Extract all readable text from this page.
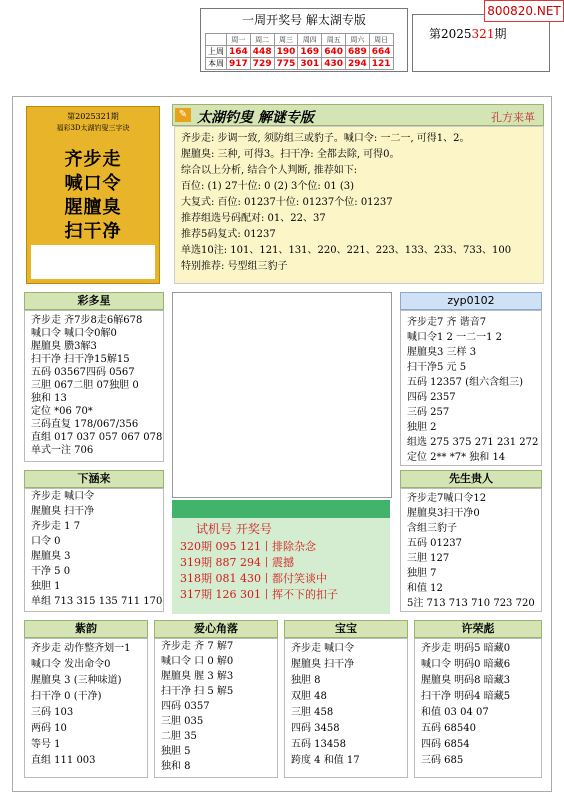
一周开奖号 解太湖专版
	周一	周二	周三	周四	周五	周六	周日
上周	164	448	190	169	640	689	664
本周	917	729	775	301	430	294	121
第2025321期
800820.NET
第2025321期
福彩3D太湖钓叟三字诀
齐步走
喊口令
腥膻臭
扫干净
✎ 太湖钓叟 解谜专版	孔方来革
齐步走: 步调一致, 须防组三或豹子。喊口令: 一二一, 可得1、2。
腥膻臭: 三种, 可得3。扫干净: 全都去除, 可得0。
综合以上分析, 结合个人判断, 推荐如下:
百位: (1) 27十位: 0 (2) 3个位: 01 (3)
大复式: 百位: 01237十位: 01237个位: 01237
推荐组选号码配对: 01、22、37
推荐5码复式: 01237
单选10注: 101、121、131、220、221、223、133、233、733、100
特别推荐: 号型组三豹子
彩多星
齐步走 齐7步8走6解678
喊口令 喊口令0解0
腥膻臭 臜3解3
扫干净 扫干净15解15
五码 03567四码 0567
三胆 067二胆 07独胆 0
独和 13
定位 *06 70*
三码直复 178/067/356
直组 017 037 057 067 078
单式一注 706
zyp0102
齐步走7 齐 谐音7
喊口令1 2 一二一1 2
腥膻臭3 三样 3
扫干净5 元 5
五码 12357 (组六含组三)
四码 2357
三码 257
独胆 2
组选 275 375 271 231 272
定位 2** *7* 独和 14
下涵来
齐步走 喊口令
腥膻臭 扫干净
齐步走 1 7
口令 0
腥膻臭 3
干净 5 0
独胆 1
单组 713 315 135 711 170
试机号 开奖号
320期 095 121丨排除杂念
319期 887 294丨震撼
318期 081 430丨都付笑谈中
317期 126 301丨挥不下的扣子
先生贵人
齐步走7喊口令12
腥膻臭3扫干净0
含组三豹子
五码 01237
三胆 127
独胆 7
和值 12
5注 713 713 710 723 720
紫韵
齐步走 动作整齐划一1
喊口令 发出命令0
腥膻臭 3 (三种味道)
扫干净 0 (干净)
三码 103
两码 10
等号 1
直组 111 003
爱心角落
齐步走 齐 7 解7
喊口令 口 0 解0
腥膻臭 腥 3 解3
扫干净 扫 5 解5
四码 0357
三胆 035
二胆 35
独胆 5
独和 8
宝宝
齐步走 喊口令
腥膻臭 扫干净
独胆 8
双胆 48
三胆 458
四码 3458
五码 13458
跨度 4 和值 17
许荣彪
齐步走 明码5 暗藏0
喊口令 明码0 暗藏6
腥膻臭 明码8 暗藏3
扫干净 明码4 暗藏5
和值 03 04 07
五码 68540
四码 6854
三码 685
